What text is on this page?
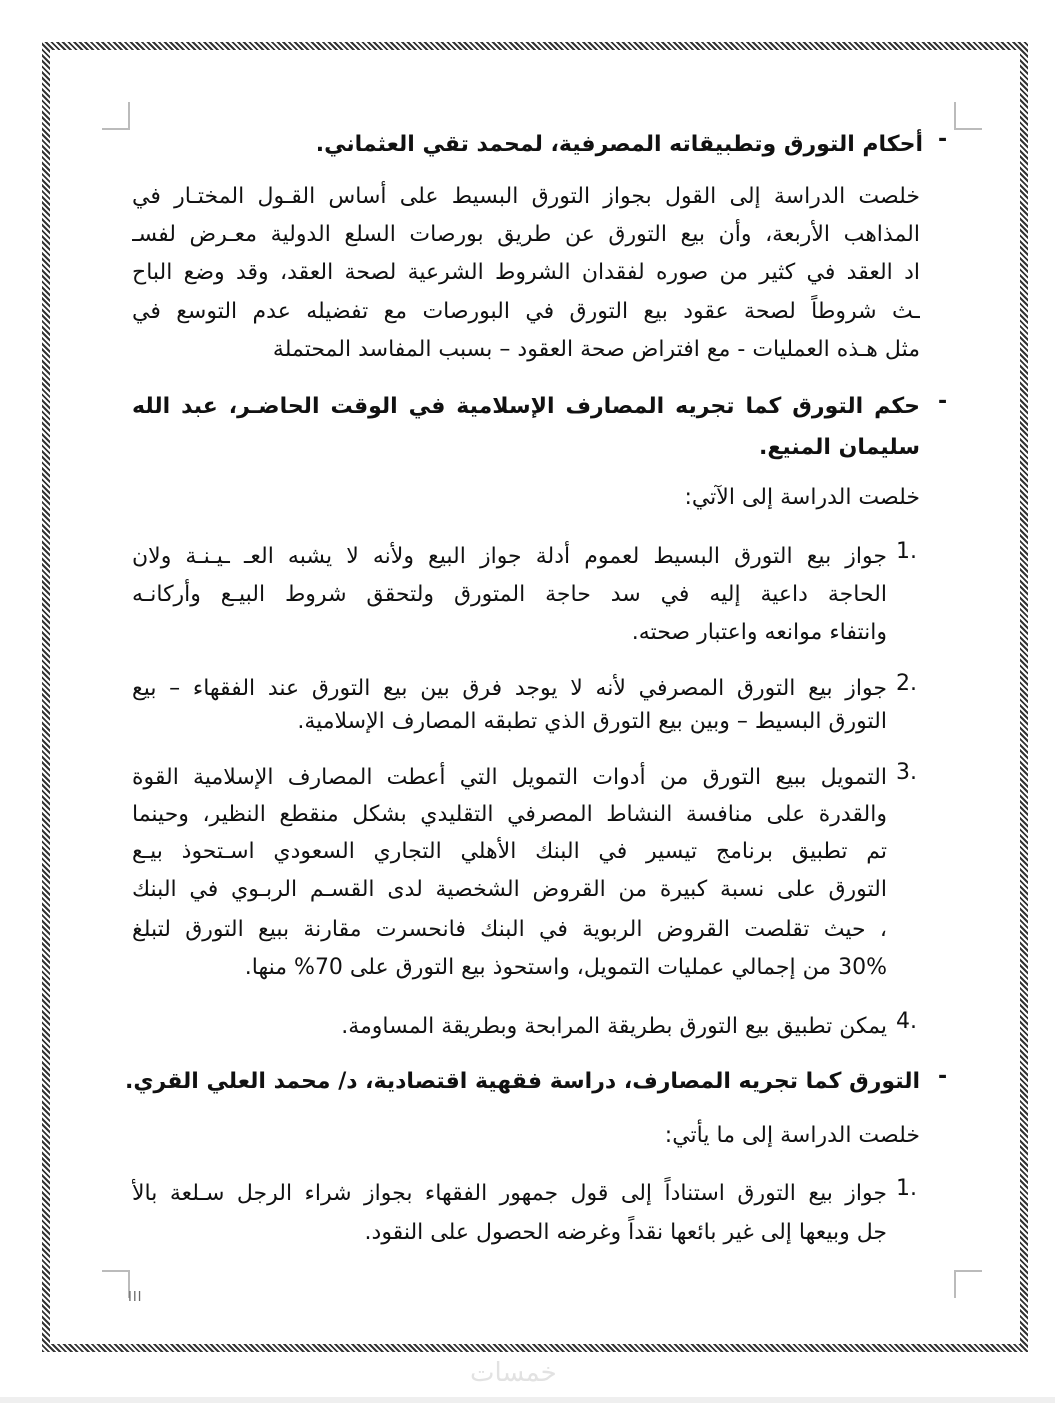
-
أحكام التورق وتطبيقاته المصرفية، لمحمد تقي العثماني.
خلصت الدراسة إلى القول بجواز التورق البسيط على أساس القـول المختـار في
المذاهب الأربعة، وأن بيع التورق عن طريق بورصات السلع الدولية معـرض لفسـ
اد العقد في كثير من صوره لفقدان الشروط الشرعية لصحة العقد، وقد وضع الباح
ـث شروطاً لصحة عقود بيع التورق في البورصات مع تفضيله عدم التوسع في
مثل هـذه العمليات - مع افتراض صحة العقود – بسبب المفاسد المحتملة
-
حكم التورق كما تجريه المصارف الإسلامية في الوقت الحاضـر، عبد الله
سليمان المنيع.
خلصت الدراسة إلى الآتي:
1.
جواز بيع التورق البسيط لعموم أدلة جواز البيع ولأنه لا يشبه العـ ـيـنـة ولان
الحاجة داعية إليه في سد حاجة المتورق ولتحقق شروط البيـع وأركانـه
وانتفاء موانعه واعتبار صحته.
2.
جواز بيع التورق المصرفي لأنه لا يوجد فرق بين بيع التورق عند الفقهاء – بيع
التورق البسيط – وبين بيع التورق الذي تطبقه المصارف الإسلامية.
3.
التمويل ببيع التورق من أدوات التمويل التي أعطت المصارف الإسلامية القوة
والقدرة على منافسة النشاط المصرفي التقليدي بشكل منقطع النظير، وحينما
تم تطبيق برنامج تيسير في البنك الأهلي التجاري السعودي اسـتحوذ بيـع
التورق على نسبة كبيرة من القروض الشخصية لدى القسـم الربـوي في البنك
، حيث تقلصت القروض الربوية في البنك فانحسرت مقارنة ببيع التورق لتبلغ
30% من إجمالي عمليات التمويل، واستحوذ بيع التورق على 70% منها.
4.
يمكن تطبيق بيع التورق بطريقة المرابحة وبطريقة المساومة.
-
التورق كما تجريه المصارف، دراسة فقهية اقتصادية، د/ محمد العلي القري.
خلصت الدراسة إلى ما يأتي:
1.
جواز بيع التورق استناداً إلى قول جمهور الفقهاء بجواز شراء الرجل سـلعة بالأ
جل وبيعها إلى غير بائعها نقداً وغرضه الحصول على النقود.
III
خمسات
